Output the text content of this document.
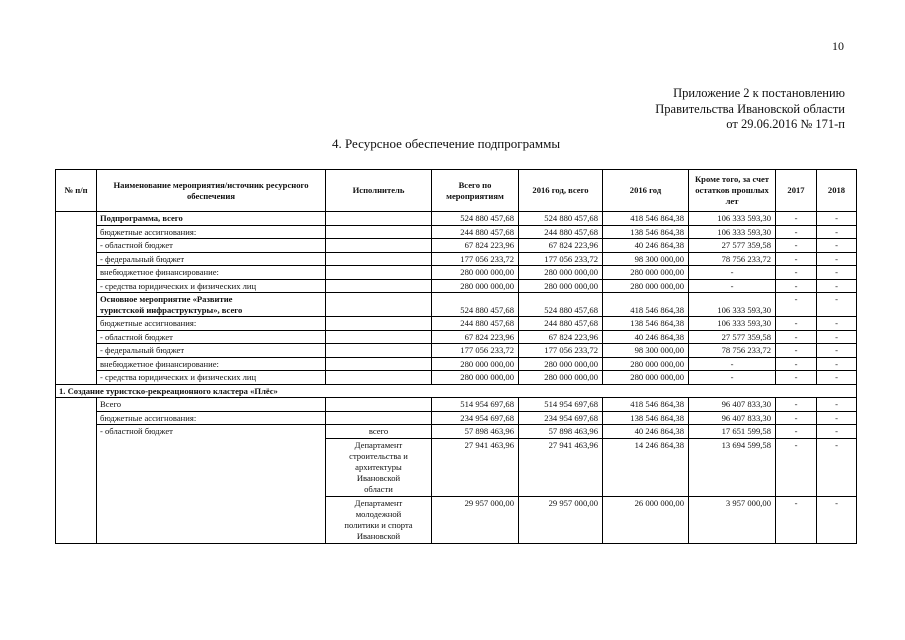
10
Приложение 2 к постановлению
Правительства Ивановской области
от 29.06.2016 № 171-п
4. Ресурсное обеспечение подпрограммы
№ п/п	Наименование мероприятия/источник ресурсного обеспечения	Исполнитель	Всего по мероприятиям	2016 год, всего	2016 год	Кроме того, за счет остатков прошлых лет	2017	2018
	Подпрограмма, всего		524 880 457,68	524 880 457,68	418 546 864,38	106 333 593,30	-	-
	бюджетные ассигнования:		244 880 457,68	244 880 457,68	138 546 864,38	106 333 593,30	-	-
	- областной бюджет		67 824 223,96	67 824 223,96	40 246 864,38	27 577 359,58	-	-
	- федеральный бюджет		177 056 233,72	177 056 233,72	98 300 000,00	78 756 233,72	-	-
	внебюджетное финансирование:		280 000 000,00	280 000 000,00	280 000 000,00	-	-	-
	- средства юридических и физических лиц		280 000 000,00	280 000 000,00	280 000 000,00	-	-	-

	Основное мероприятие «Развитие
туристской инфраструктуры», всего		524 880 457,68	524 880 457,68	418 546 864,38	106 333 593,30	-	-
	бюджетные ассигнования:		244 880 457,68	244 880 457,68	138 546 864,38	106 333 593,30	-	-
	- областной бюджет		67 824 223,96	67 824 223,96	40 246 864,38	27 577 359,58	-	-
	- федеральный бюджет		177 056 233,72	177 056 233,72	98 300 000,00	78 756 233,72	-	-
	внебюджетное финансирование:		280 000 000,00	280 000 000,00	280 000 000,00	-	-	-
	- средства юридических и физических лиц		280 000 000,00	280 000 000,00	280 000 000,00	-	-	-
1. Создание туристско-рекреационного кластера «Плёс»								
	Всего		514 954 697,68	514 954 697,68	418 546 864,38	96 407 833,30	-	-
	бюджетные ассигнования:		234 954 697,68	234 954 697,68	138 546 864,38	96 407 833,30	-	-
	- областной бюджет	всего	57 898 463,96	57 898 463,96	40 246 864,38	17 651 599,58	-	-

		Департамент
строительства и
архитектуры
Ивановской
области	27 941 463,96	27 941 463,96	14 246 864,38	13 694 599,58	-	-

		Департамент
молодежной
политики и спорта
Ивановской	29 957 000,00	29 957 000,00	26 000 000,00	3 957 000,00	-	-
